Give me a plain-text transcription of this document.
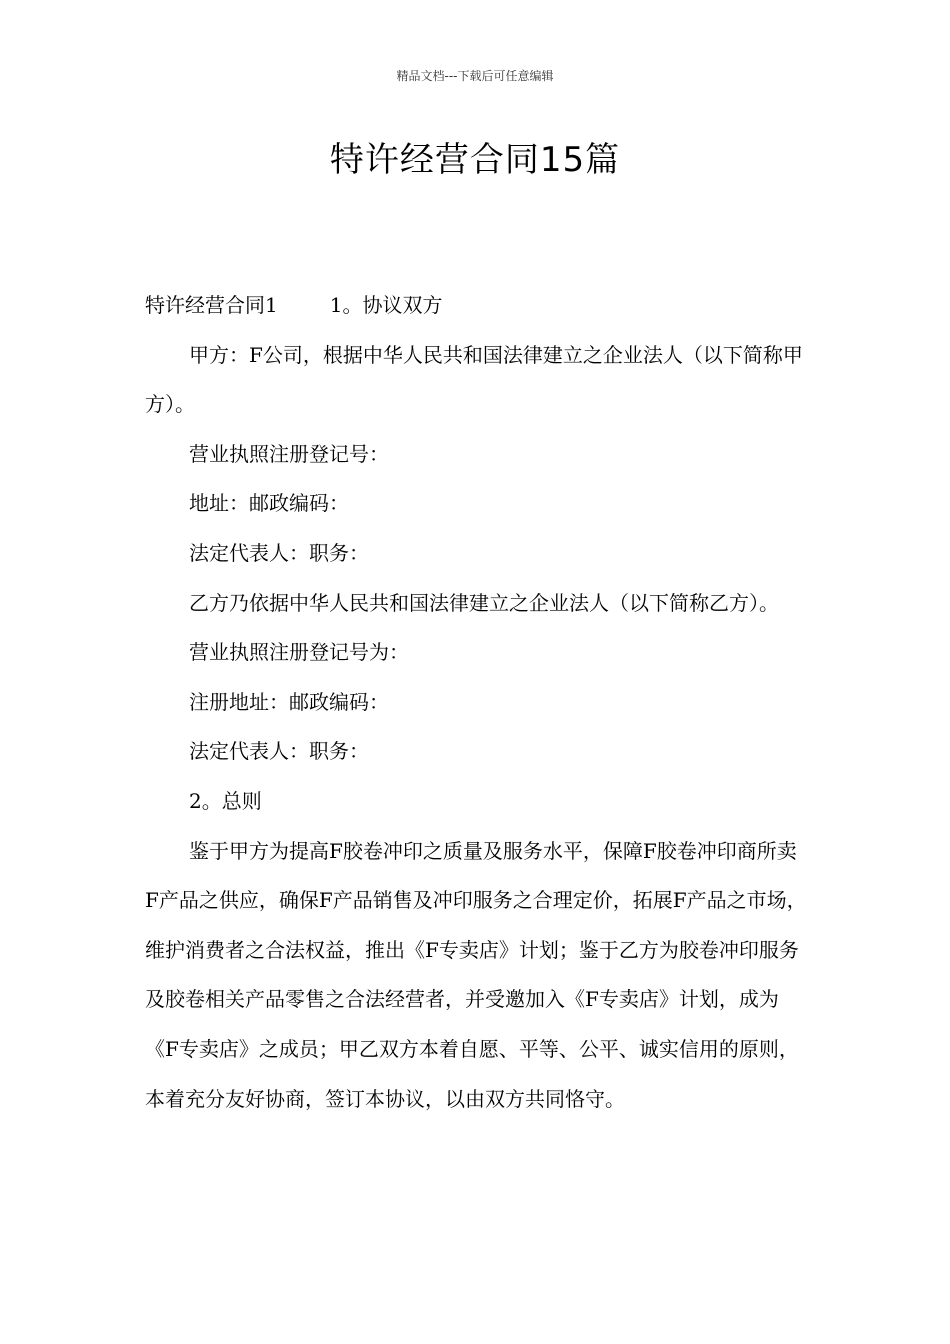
精品文档---下载后可任意编辑
特许经营合同15篇

特许经营合同1	1。协议双方

甲方：F公司，根据中华人民共和国法律建立之企业法人（以下简称甲方）。

营业执照注册登记号：

地址：邮政编码：

法定代表人：职务：

乙方乃依据中华人民共和国法律建立之企业法人（以下简称乙方）。

营业执照注册登记号为：

注册地址：邮政编码：

法定代表人：职务：

2。总则

鉴于甲方为提高F胶卷冲印之质量及服务水平，保障F胶卷冲印商所卖F产品之供应，确保F产品销售及冲印服务之合理定价，拓展F产品之市场，维护消费者之合法权益，推出《F专卖店》计划；鉴于乙方为胶卷冲印服务及胶卷相关产品零售之合法经营者，并受邀加入《F专卖店》计划，成为《F专卖店》之成员；甲乙双方本着自愿、平等、公平、诚实信用的原则，本着充分友好协商，签订本协议，以由双方共同恪守。
